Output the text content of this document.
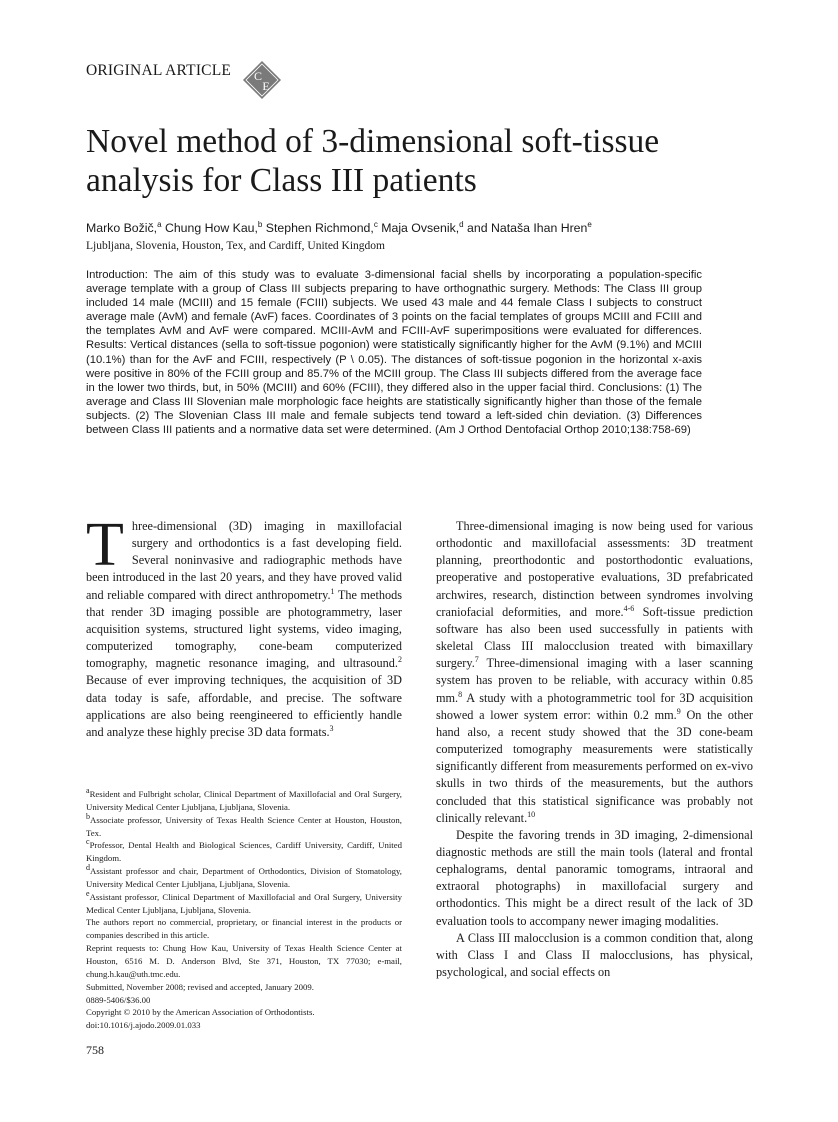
ORIGINAL ARTICLE C
E
Novel method of 3-dimensional soft-tissue analysis for Class III patients
Marko Božič,$^a$ Chung How Kau,$^b$ Stephen Richmond,$^c$ Maja Ovsenik,$^d$ and Nataša Ihan Hren$^e$
Ljubljana, Slovenia, Houston, Tex, and Cardiff, United Kingdom

Introduction: The aim of this study was to evaluate 3-dimensional facial shells by incorporating a population-specific average template with a group of Class III subjects preparing to have orthognathic surgery. Methods: The Class III group included 14 male (MCIII) and 15 female (FCIII) subjects. We used 43 male and 44 female Class I subjects to construct average male (AvM) and female (AvF) faces. Coordinates of 3 points on the facial templates of groups MCIII and FCIII and the templates AvM and AvF were compared. MCIII-AvM and FCIII-AvF superimpositions were evaluated for differences. Results: Vertical distances (sella to soft-tissue pogonion) were statistically significantly higher for the AvM (9.1%) and MCIII (10.1%) than for the AvF and FCIII, respectively (P \ 0.05). The distances of soft-tissue pogonion in the horizontal x-axis were positive in 80% of the FCIII group and 85.7% of the MCIII group. The Class III subjects differed from the average face in the lower two thirds, but, in 50% (MCIII) and 60% (FCIII), they differed also in the upper facial third. Conclusions: (1) The average and Class III Slovenian male morphologic face heights are statistically significantly higher than those of the female subjects. (2) The Slovenian Class III male and female subjects tend toward a left-sided chin deviation. (3) Differences between Class III patients and a normative data set were determined. (Am J Orthod Dentofacial Orthop 2010;138:758-69)

Three-dimensional (3D) imaging in maxillofacial surgery and orthodontics is a fast developing field. Several noninvasive and radiographic methods have been introduced in the last 20 years, and they have proved valid and reliable compared with direct anthropometry.$^1$ The methods that render 3D imaging possible are photogrammetry, laser acquisition systems, structured light systems, video imaging, computerized tomography, cone-beam computerized tomography, magnetic resonance imaging, and ultrasound.$^2$ Because of ever improving techniques, the acquisition of 3D data today is safe, affordable, and precise. The software applications are also being reengineered to efficiently handle and analyze these highly precise 3D data formats.$^3$

Three-dimensional imaging is now being used for various orthodontic and maxillofacial assessments: 3D treatment planning, preorthodontic and postorthodontic evaluations, preoperative and postoperative evaluations, 3D prefabricated archwires, research, distinction between syndromes involving craniofacial deformities, and more.$^{4-6}$ Soft-tissue prediction software has also been used successfully in patients with skeletal Class III malocclusion treated with bimaxillary surgery.$^7$ Three-dimensional imaging with a laser scanning system has proven to be reliable, with accuracy within 0.85 mm.$^8$ A study with a photogrammetric tool for 3D acquisition showed a lower system error: within 0.2 mm.$^9$ On the other hand also, a recent study showed that the 3D cone-beam computerized tomography measurements were statistically significantly different from measurements performed on ex-vivo skulls in two thirds of the measurements, but the authors concluded that this statistical significance was probably not clinically relevant.$^{10}$

Despite the favoring trends in 3D imaging, 2-dimensional diagnostic methods are still the main tools (lateral and frontal cephalograms, dental panoramic tomograms, intraoral and extraoral photographs) in maxillofacial surgery and orthodontics. This might be a direct result of the lack of 3D evaluation tools to accompany newer imaging modalities.

A Class III malocclusion is a common condition that, along with Class I and Class II malocclusions, has physical, psychological, and social effects on

$^a$Resident and Fulbright scholar, Clinical Department of Maxillofacial and Oral Surgery, University Medical Center Ljubljana, Ljubljana, Slovenia.

$^b$Associate professor, University of Texas Health Science Center at Houston, Houston, Tex.

$^c$Professor, Dental Health and Biological Sciences, Cardiff University, Cardiff, United Kingdom.

$^d$Assistant professor and chair, Department of Orthodontics, Division of Stomatology, University Medical Center Ljubljana, Ljubljana, Slovenia.

$^e$Assistant professor, Clinical Department of Maxillofacial and Oral Surgery, University Medical Center Ljubljana, Ljubljana, Slovenia.

The authors report no commercial, proprietary, or financial interest in the products or companies described in this article.

Reprint requests to: Chung How Kau, University of Texas Health Science Center at Houston, 6516 M. D. Anderson Blvd, Ste 371, Houston, TX 77030; e-mail, chung.h.kau@uth.tmc.edu.

Submitted, November 2008; revised and accepted, January 2009.

0889-5406/$36.00

Copyright © 2010 by the American Association of Orthodontists.

doi:10.1016/j.ajodo.2009.01.033

758
